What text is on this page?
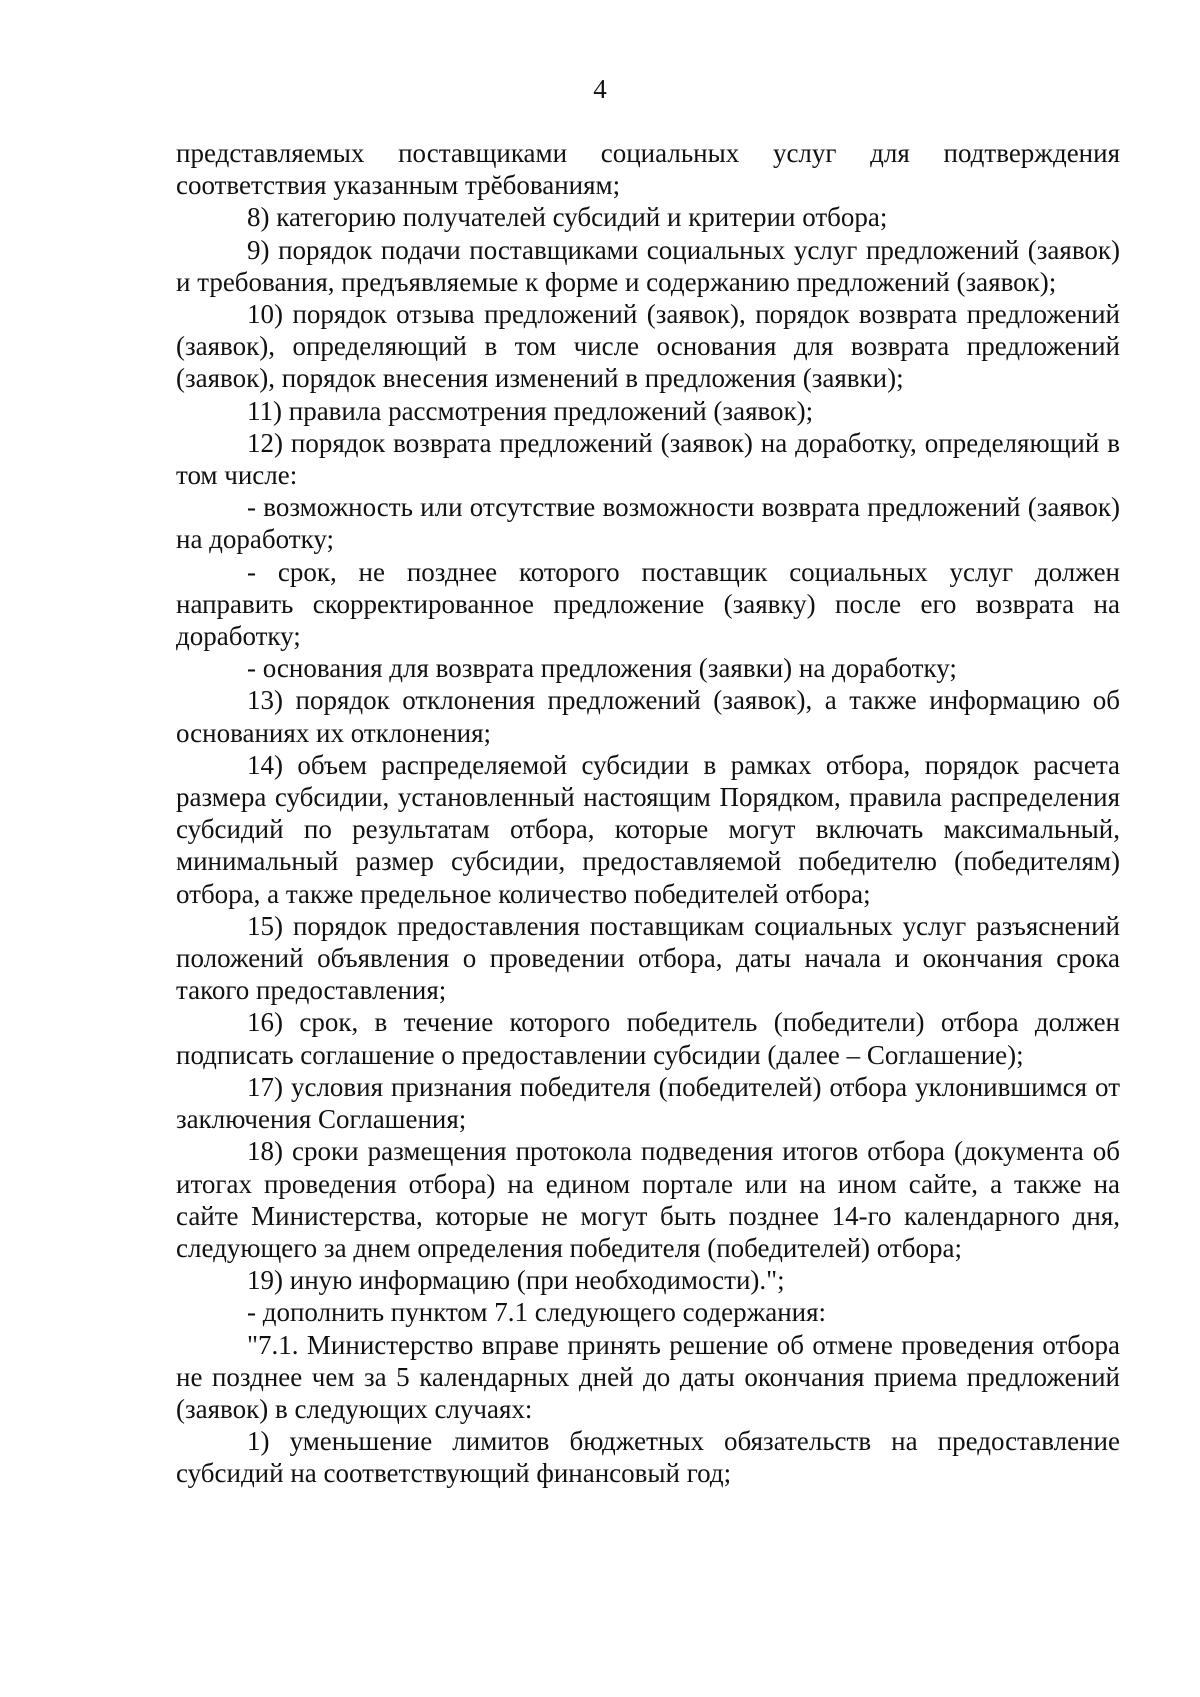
4

представляемых поставщиками социальных услуг для подтверждения соответствия указанным трĕбованиям;

8) категорию получателей субсидий и критерии отбора;

9) порядок подачи поставщиками социальных услуг предложений (заявок) и требования, предъявляемые к форме и содержанию предложений (заявок);

10) порядок отзыва предложений (заявок), порядок возврата предложений (заявок), определяющий в том числе основания для возврата предложений (заявок), порядок внесения изменений в предложения (заявки);

11) правила рассмотрения предложений (заявок);

12) порядок возврата предложений (заявок) на доработку, определяющий в том числе:

- возможность или отсутствие возможности возврата предложений (заявок) на доработку;

- срок, не позднее которого поставщик социальных услуг должен направить скорректированное предложение (заявку) после его возврата на доработку;

- основания для возврата предложения (заявки) на доработку;

13) порядок отклонения предложений (заявок), а также информацию об основаниях их отклонения;

14) объем распределяемой субсидии в рамках отбора, порядок расчета размера субсидии, установленный настоящим Порядком, правила распределения субсидий по результатам отбора, которые могут включать максимальный, минимальный размер субсидии, предоставляемой победителю (победителям) отбора, а также предельное количество победителей отбора;

15) порядок предоставления поставщикам социальных услуг разъяснений положений объявления о проведении отбора, даты начала и окончания срока такого предоставления;

16) срок, в течение которого победитель (победители) отбора должен подписать соглашение о предоставлении субсидии (далее – Соглашение);

17) условия признания победителя (победителей) отбора уклонившимся от заключения Соглашения;

18) сроки размещения протокола подведения итогов отбора (документа об итогах проведения отбора) на едином портале или на ином сайте, а также на сайте Министерства, которые не могут быть позднее 14-го календарного дня, следующего за днем определения победителя (победителей) отбора;

19) иную информацию (при необходимости).";

- дополнить пунктом 7.1 следующего содержания:

"7.1. Министерство вправе принять решение об отмене проведения отбора не позднее чем за 5 календарных дней до даты окончания приема предложений (заявок) в следующих случаях:

1) уменьшение лимитов бюджетных обязательств на предоставление субсидий на соответствующий финансовый год;
